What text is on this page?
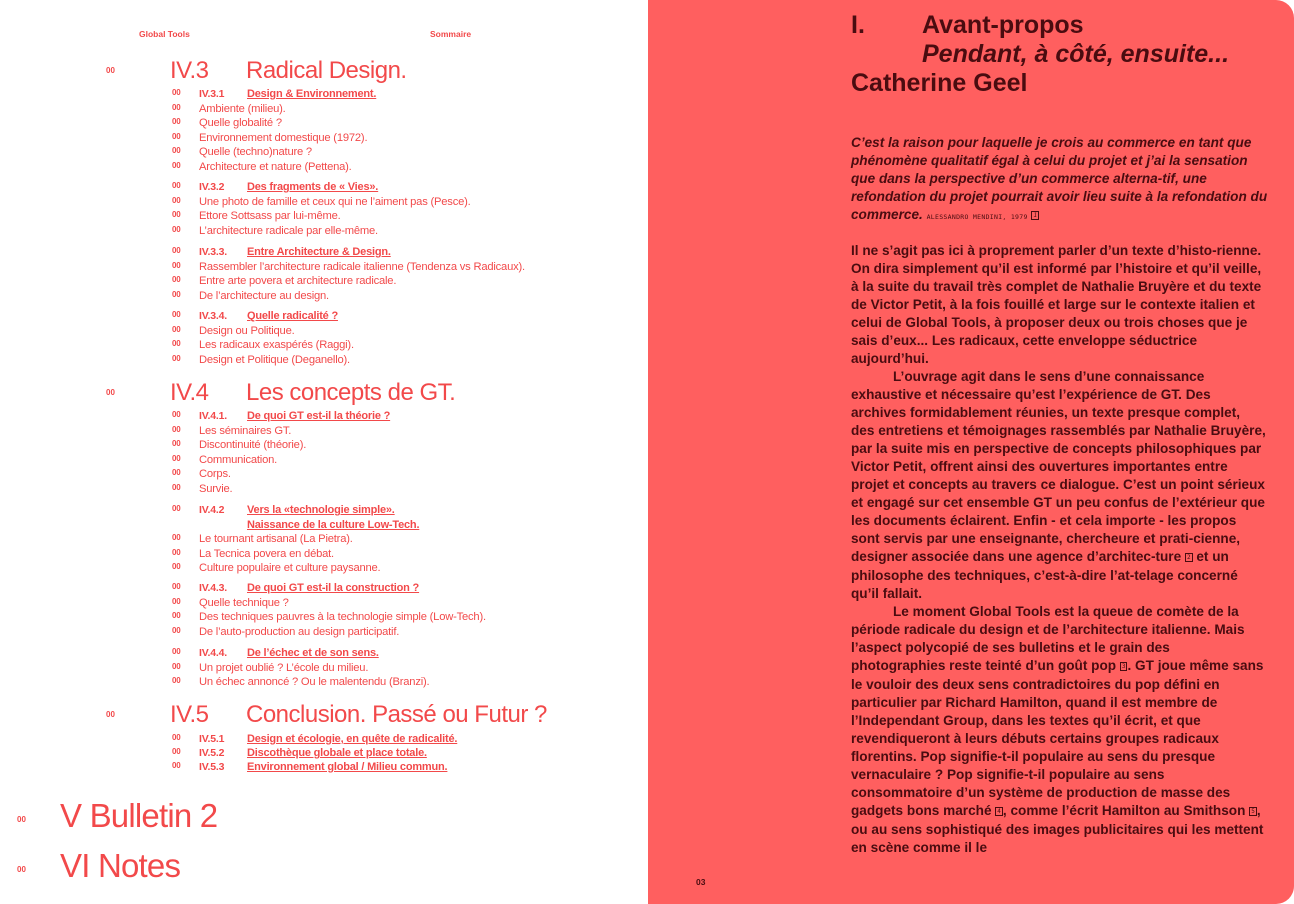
Global Tools	Sommaire
00 IV.3 Radical Design.
00 IV.3.1 Design & Environnement.
00 Ambiente (milieu).
00 Quelle globalité ?
00 Environnement domestique (1972).
00 Quelle (techno)nature ?
00 Architecture et nature (Pettena).
00 IV.3.2 Des fragments de « Vies».
00 Une photo de famille et ceux qui ne l’aiment pas (Pesce).
00 Ettore Sottsass par lui-même.
00 L’architecture radicale par elle-même.
00 IV.3.3. Entre Architecture & Design.
00 Rassembler l’architecture radicale italienne (Tendenza vs Radicaux).
00 Entre arte povera et architecture radicale.
00 De l’architecture au design.
00 IV.3.4. Quelle radicalité ?
00 Design ou Politique.
00 Les radicaux exaspérés (Raggi).
00 Design et Politique (Deganello).
00 IV.4 Les concepts de GT.
00 IV.4.1. De quoi GT est-il la théorie ?
00 Les séminaires GT.
00 Discontinuité (théorie).
00 Communication.
00 Corps.
00 Survie.
00 IV.4.2 Vers la «technologie simple».
Naissance de la culture Low-Tech.
00 Le tournant artisanal (La Pietra).
00 La Tecnica povera en débat.
00 Culture populaire et culture paysanne.
00 IV.4.3. De quoi GT est-il la construction ?
00 Quelle technique ?
00 Des techniques pauvres à la technologie simple (Low-Tech).
00 De l’auto-production au design participatif.
00 IV.4.4. De l’échec et de son sens.
00 Un projet oublié ? L’école du milieu.
00 Un échec annoncé ? Ou le malentendu (Branzi).
00 IV.5 Conclusion. Passé ou Futur ?
00 IV.5.1 Design et écologie, en quête de radicalité.
00 IV.5.2 Discothèque globale et place totale.
00 IV.5.3 Environnement global / Milieu commun.
00 V Bulletin 2
00 VI Notes
I. Avant-propos
Pendant, à côté, ensuite...
Catherine Geel

C’est la raison pour laquelle je crois au commerce en tant que phénomène qualitatif égal à celui du projet et j’ai la sensation que dans la perspective d’un commerce alterna-tif, une refondation du projet pourrait avoir lieu suite à la refondation du commerce. ALESSANDRO MENDINI, 1979 1

Il ne s’agit pas ici à proprement parler d’un texte d’histo-rienne. On dira simplement qu’il est informé par l’histoire et qu’il veille, à la suite du travail très complet de Nathalie Bruyère et du texte de Victor Petit, à la fois fouillé et large sur le contexte italien et celui de Global Tools, à proposer deux ou trois choses que je sais d’eux... Les radicaux, cette enveloppe séductrice aujourd’hui.

L’ouvrage agit dans le sens d’une connaissance exhaustive et nécessaire qu’est l’expérience de GT. Des archives formidablement réunies, un texte presque complet, des entretiens et témoignages rassemblés par Nathalie Bruyère, par la suite mis en perspective de concepts philosophiques par Victor Petit, offrent ainsi des ouvertures importantes entre projet et concepts au travers ce dialogue. C’est un point sérieux et engagé sur cet ensemble GT un peu confus de l’extérieur que les documents éclairent. Enfin - et cela importe - les propos sont servis par une enseignante, chercheure et prati-cienne, designer associée dans une agence d’architec-ture 2 et un philosophe des techniques, c’est-à-dire l’at-telage concerné qu’il fallait.

Le moment Global Tools est la queue de comète de la période radicale du design et de l’architecture italienne. Mais l’aspect polycopié de ses bulletins et le grain des photographies reste teinté d’un goût pop 3 . GT joue même sans le vouloir des deux sens contradictoires du pop défini en particulier par Richard Hamilton, quand il est membre de l’Independant Group, dans les textes qu’il écrit, et que revendiqueront à leurs débuts certains groupes radicaux florentins. Pop signifie-t-il populaire au sens du presque vernaculaire ? Pop signifie-t-il populaire au sens consommatoire d’un système de production de masse des gadgets bons marché 4 , comme l’écrit Hamilton au Smithson 5 , ou au sens sophistiqué des images publicitaires qui les mettent en scène comme il le

03
